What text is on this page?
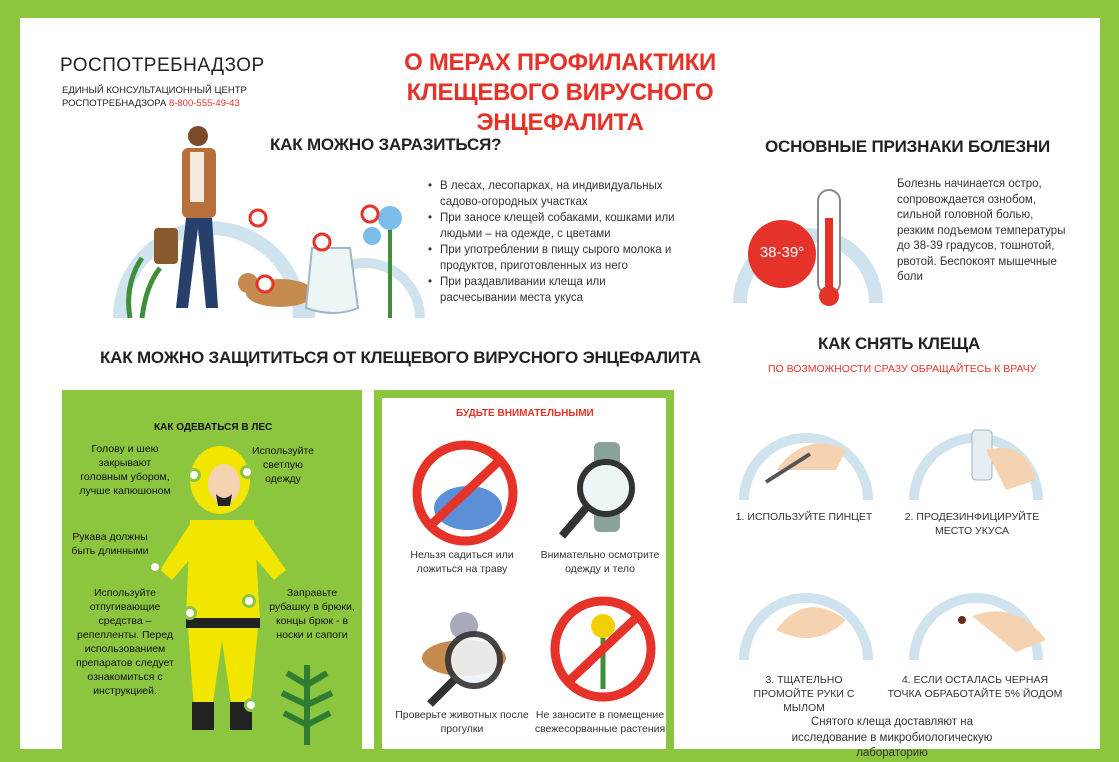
РОСПОТРЕБНАДЗОР
ЕДИНЫЙ КОНСУЛЬТАЦИОННЫЙ ЦЕНТР
РОСПОТРЕБНАДЗОРА 8-800-555-49-43
О МЕРАХ ПРОФИЛАКТИКИ
КЛЕЩЕВОГО ВИРУСНОГО ЭНЦЕФАЛИТА
КАК МОЖНО ЗАРАЗИТЬСЯ?
• В лесах, лесопарках, на индивидуальных садово-огородных участках
• При заносе клещей собаками, кошками или людьми – на одежде, с цветами
• При употреблении в пищу сырого молока и продуктов, приготовленных из него
• При раздавливании клеща или расчесывании места укуса
ОСНОВНЫЕ ПРИЗНАКИ БОЛЕЗНИ
38-39°
Болезнь начинается остро, сопровождается ознобом, сильной головной болью, резким подъемом температуры до 38-39 градусов, тошнотой, рвотой. Беспокоят мышечные боли
КАК МОЖНО ЗАЩИТИТЬСЯ ОТ КЛЕЩЕВОГО ВИРУСНОГО ЭНЦЕФАЛИТА
КАК ОДЕВАТЬСЯ В ЛЕС
Голову и шею закрывают головным убором, лучше капюшоном
Используйте светлую одежду
Рукава должны быть длинными
Используйте отпугивающие средства – репелленты. Перед использованием препаратов следует ознакомиться с инструкцией.
Заправьте рубашку в брюки, концы брюк - в носки и сапоги
БУДЬТЕ ВНИМАТЕЛЬНЫМИ
Нельзя садиться или ложиться на траву
Внимательно осмотрите одежду и тело
Проверьте животных после прогулки
Не заносите в помещение свежесорванные растения
КАК СНЯТЬ КЛЕЩА
ПО ВОЗМОЖНОСТИ СРАЗУ ОБРАЩАЙТЕСЬ К ВРАЧУ
1. ИСПОЛЬЗУЙТЕ ПИНЦЕТ	2. ПРОДЕЗИНФИЦИРУЙТЕ МЕСТО УКУСА
3. ТЩАТЕЛЬНО ПРОМОЙТЕ РУКИ С МЫЛОМ
4. ЕСЛИ ОСТАЛАСЬ ЧЕРНАЯ ТОЧКА ОБРАБОТАЙТЕ 5% ЙОДОМ
Снятого клеща доставляют на исследование в микробиологическую лабораторию
